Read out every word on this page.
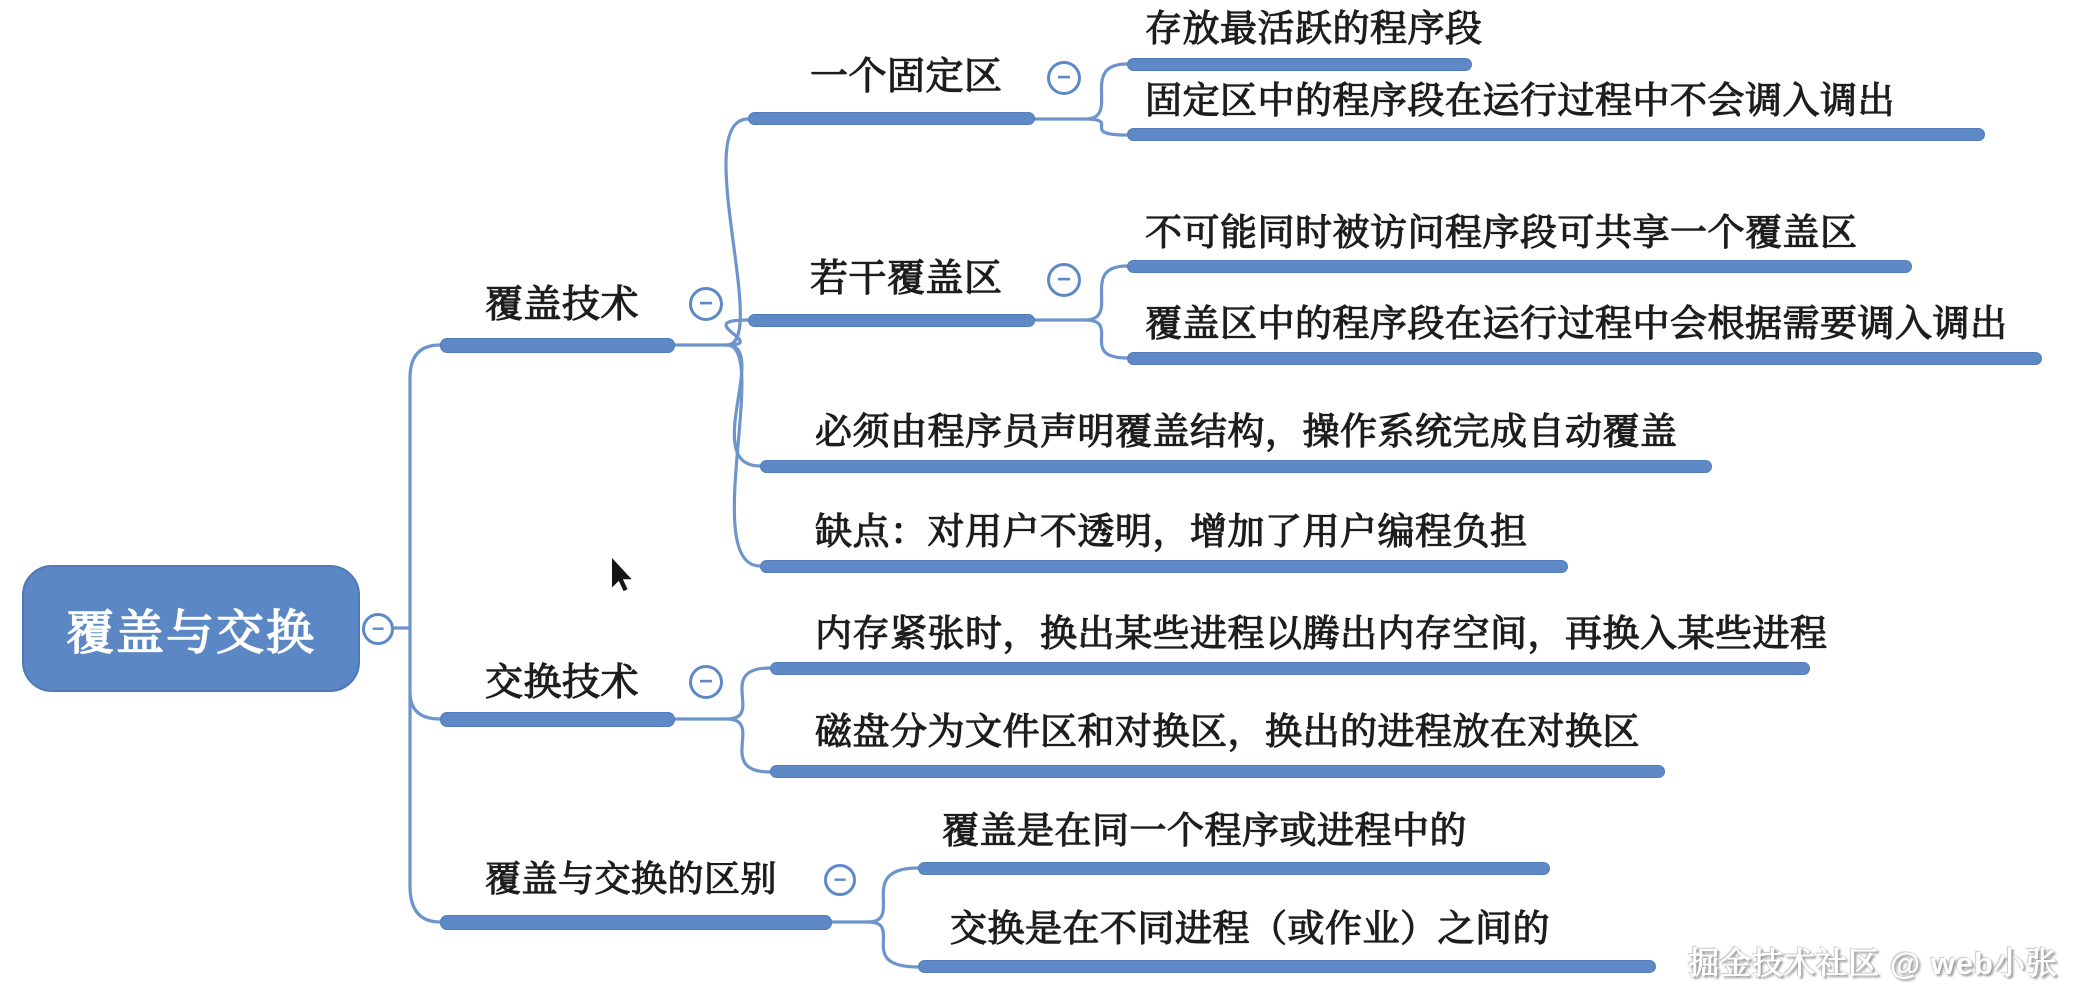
覆盖与交换	−
覆盖技术	−
一个固定区	−
存放最活跃的程序段
固定区中的程序段在运行过程中不会调入调出
若干覆盖区	−
不可能同时被访问程序段可共享一个覆盖区
覆盖区中的程序段在运行过程中会根据需要调入调出
必须由程序员声明覆盖结构，操作系统完成自动覆盖
缺点：对用户不透明，增加了用户编程负担
交换技术	−
内存紧张时，换出某些进程以腾出内存空间，再换入某些进程
磁盘分为文件区和对换区，换出的进程放在对换区
覆盖与交换的区别	−
覆盖是在同一个程序或进程中的
交换是在不同进程（或作业）之间的
掘金技术社区 @ web小张
